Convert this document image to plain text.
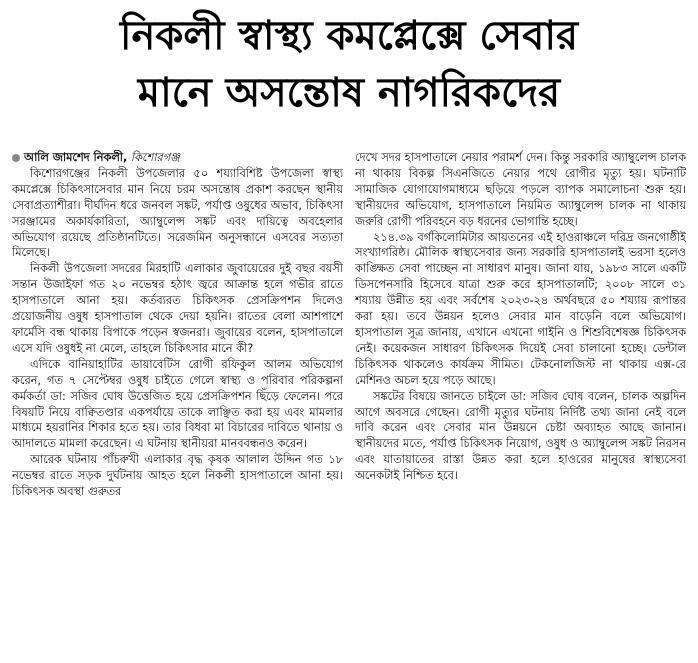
নিকলী স্বাস্থ্য কমপ্লেক্সে সেবার
মানে অসন্তোষ নাগরিকদের

আলি জামশেদ নিকলী, কিশোরগঞ্জ

কিশোরগঞ্জের নিকলী উপজেলার ৫০ শয্যাবিশিষ্ট উপজেলা স্বাস্থ্য কমপ্লেক্সে চিকিৎসাসেবার মান নিয়ে চরম অসন্তোষ প্রকাশ করছেন স্থানীয় সেবাপ্রত্যাশীরা। দীর্ঘদিন ধরে জনবল সঙ্কট, পর্যাপ্ত ওষুধের অভাব, চিকিৎসা সরঞ্জামের অকার্যকারিতা, অ্যাম্বুলেন্স সঙ্কট এবং দায়িত্বে অবহেলার অভিযোগ রয়েছে প্রতিষ্ঠানটিতে। সরেজমিন অনুসন্ধানে এসবের সত্যতা মিলেছে।

নিকলী উপজেলা সদরের মিরহাটি এলাকার জুবায়েরের দুই বছর বয়সী সন্তান উজাইফা গত ২০ নভেম্বর হঠাৎ জ্বরে আক্রান্ত হলে গভীর রাতে হাসপাতালে আনা হয়। কর্তব্যরত চিকিৎসক প্রেসক্রিপশন দিলেও প্রয়োজনীয় ওষুধ হাসপাতাল থেকে দেয়া হয়নি। রাতের বেলা আশপাশে ফার্মেসি বন্ধ থাকায় বিপাকে পড়েন স্বজনরা। জুবায়ের বলেন, হাসপাতালে এসে যদি ওষুধই না মেলে, তাহলে চিকিৎসার মানে কী?

এদিকে বানিয়াহাটির ডায়াবেটিস রোগী রফিকুল আলম অভিযোগ করেন, গত ৭ সেপ্টেম্বর ওষুধ চাইতে গেলে স্বাস্থ্য ও পরিবার পরিকল্পনা কর্মকর্তা ডা: সজিব ঘোষ উত্তেজিত হয়ে প্রেসক্রিপশন ছিঁড়ে ফেলেন। পরে বিষয়টি নিয়ে বাক্বিতণ্ডার একপর্যায়ে তাকে লাঞ্ছিত করা হয় এবং মামলার মাধ্যমে হয়রানির শিকার হতে হয়। তার বিধবা মা বিচারের দাবিতে থানায় ও আদালতে মামলা করেছেন। এ ঘটনায় স্থানীয়রা মানববন্ধনও করেন।

আরেক ঘটনায় পাঁচরুখী এলাকার বৃদ্ধ কৃষক আলাল উদ্দিন গত ১৮ নভেম্বর রাতে সড়ক দুর্ঘটনায় আহত হলে নিকলী হাসপাতালে আনা হয়। চিকিৎসক অবস্থা গুরুতর

দেখে সদর হাসপাতালে নেয়ার পরামর্শ দেন। কিন্তু সরকারি অ্যাম্বুলেন্স চালক না থাকায় বিকল্প সিএনজিতে নেয়ার পথে রোগীর মৃত্যু হয়। ঘটনাটি সামাজিক যোগাযোগমাধ্যমে ছড়িয়ে পড়লে ব্যাপক সমালোচনা শুরু হয়। স্থানীয়দের অভিযোগ, হাসপাতালে নিয়মিত অ্যাম্বুলেন্স চালক না থাকায় জরুরি রোগী পরিবহনে বড় ধরনের ভোগান্তি হচ্ছে।

২১৪.৩৯ বর্গকিলোমিটার আয়তনের এই হাওরাঞ্চলে দরিদ্র জনগোষ্ঠীই সংখ্যাগরিষ্ঠ। মৌলিক স্বাস্থ্যসেবার জন্য সরকারি হাসপাতালই ভরসা হলেও কাঙ্ক্ষিত সেবা পাচ্ছেন না সাধারণ মানুষ। জানা যায়, ১৯৮৩ সালে একটি ডিসপেনসারি হিসেবে যাত্রা শুরু করে হাসপাতালটি; ২০০৮ সালে ৩১ শয্যায় উন্নীত হয় এবং সর্বশেষ ২০২৩-২৪ অর্থবছরে ৫০ শয্যায় রূপান্তর করা হয়। তবে উন্নয়ন হলেও সেবার মান বাড়েনি বলে অভিযোগ। হাসপাতাল সূত্র জানায়, এখানে এখনো গাইনি ও শিশুবিশেষজ্ঞ চিকিৎসক নেই। কয়েকজন সাধারণ চিকিৎসক দিয়েই সেবা চালানো হচ্ছে। ডেন্টাল চিকিৎসক থাকলেও কার্যক্রম সীমিত। টেকনোলজিস্ট না থাকায় এক্স-রে মেশিনও অচল হয়ে পড়ে আছে।

সঙ্কটের বিষয়ে জানতে চাইলে ডা: সজিব ঘোষ বলেন, চালক অল্পদিন আগে অবসরে গেছেন। রোগী মৃত্যুর ঘটনায় নির্দিষ্ট তথ্য জানা নেই বলে দাবি করেন এবং সেবার মান উন্নয়নে চেষ্টা অব্যাহত আছে জানান। স্থানীয়দের মতে, পর্যাপ্ত চিকিৎসক নিয়োগ, ওষুধ ও অ্যাম্বুলেন্স সঙ্কট নিরসন এবং যাতায়াতের রাস্তা উন্নত করা হলে হাওরের মানুষের স্বাস্থ্যসেবা অনেকটাই নিশ্চিত হবে।
